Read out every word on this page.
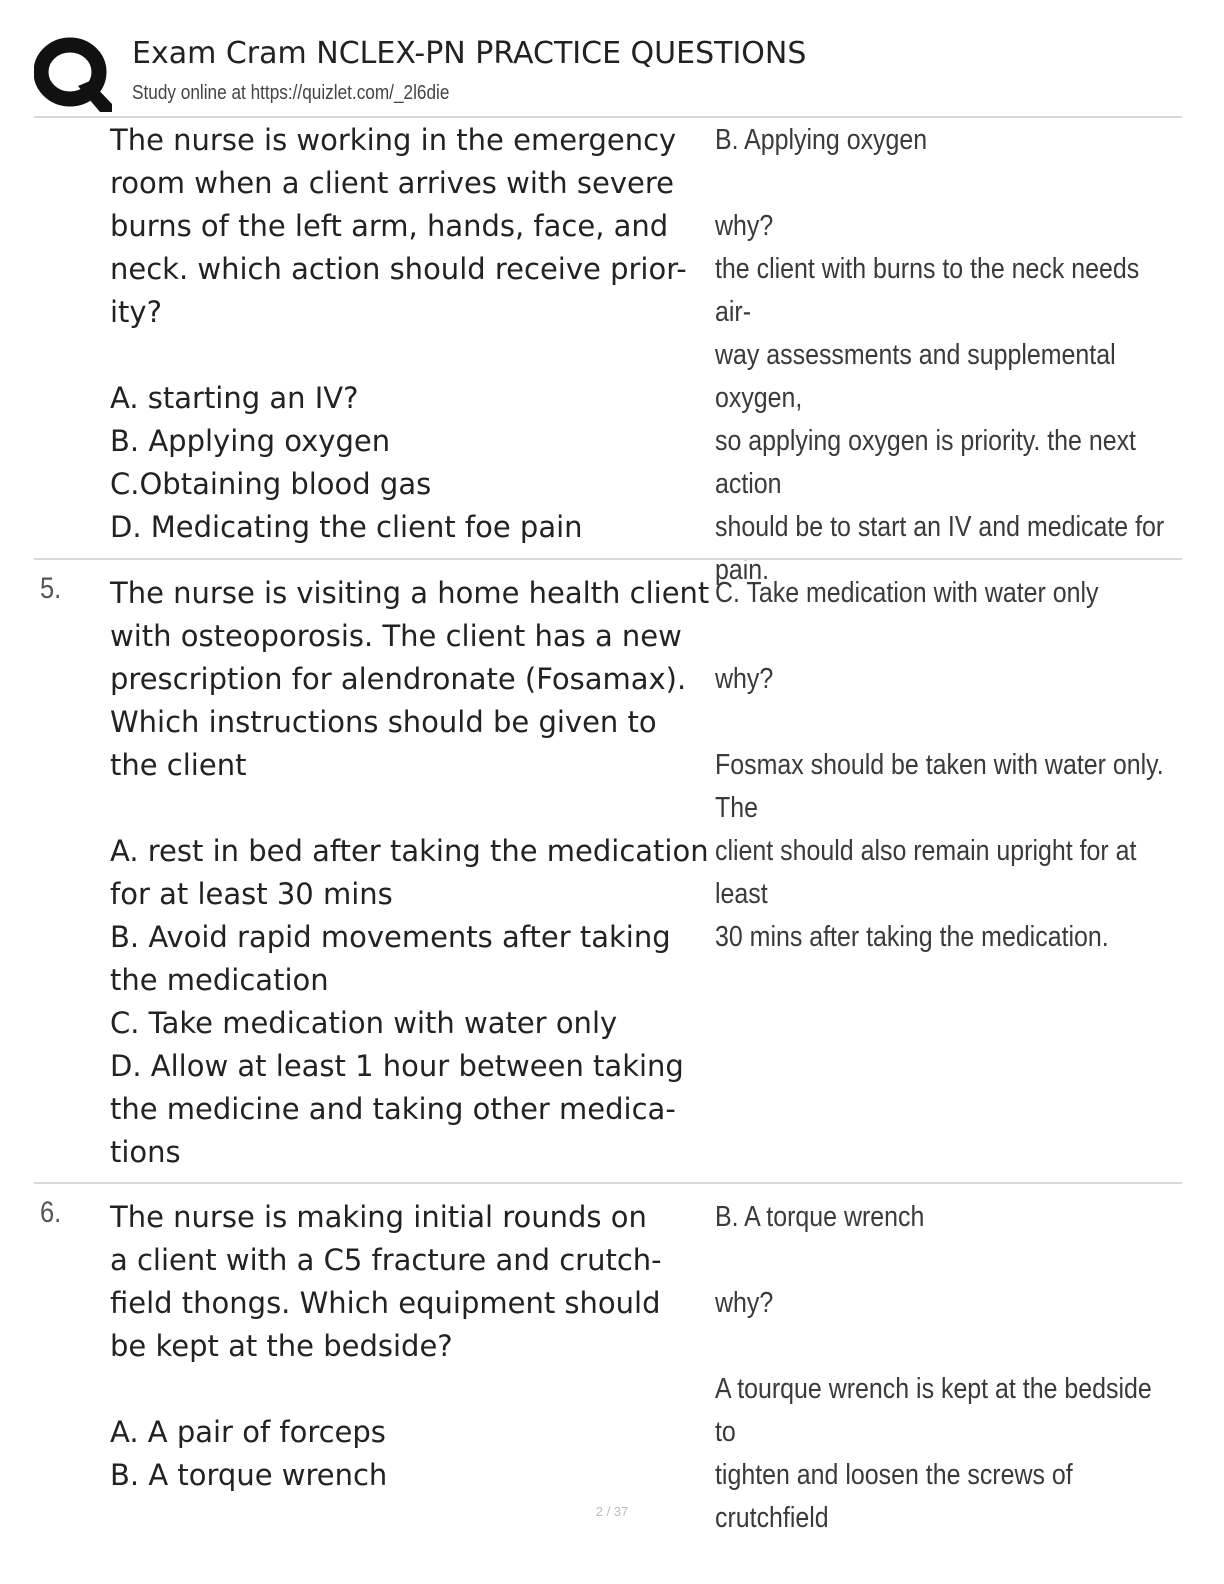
Exam Cram NCLEX-PN PRACTICE QUESTIONS
Study online at https://quizlet.com/_2l6die

The nurse is working in the emergency
room when a client arrives with severe
burns of the left arm, hands, face, and
neck. which action should receive prior-
ity?

A. starting an IV?
B. Applying oxygen
C.Obtaining blood gas
D. Medicating the client foe pain

B. Applying oxygen

why?
the client with burns to the neck needs air-
way assessments and supplemental oxygen,
so applying oxygen is priority. the next action
should be to start an IV and medicate for pain.

5. The nurse is visiting a home health client
with osteoporosis. The client has a new
prescription for alendronate (Fosamax).
Which instructions should be given to
the client

A. rest in bed after taking the medication
for at least 30 mins
B. Avoid rapid movements after taking
the medication
C. Take medication with water only
D. Allow at least 1 hour between taking
the medicine and taking other medica-
tions

C. Take medication with water only

why?

Fosmax should be taken with water only. The
client should also remain upright for at least
30 mins after taking the medication.

6. The nurse is making initial rounds on
a client with a C5 fracture and crutch-
field thongs. Which equipment should
be kept at the bedside?

A. A pair of forceps
B. A torque wrench

B. A torque wrench

why?

A tourque wrench is kept at the bedside to
tighten and loosen the screws of crutchfield

2 / 37
